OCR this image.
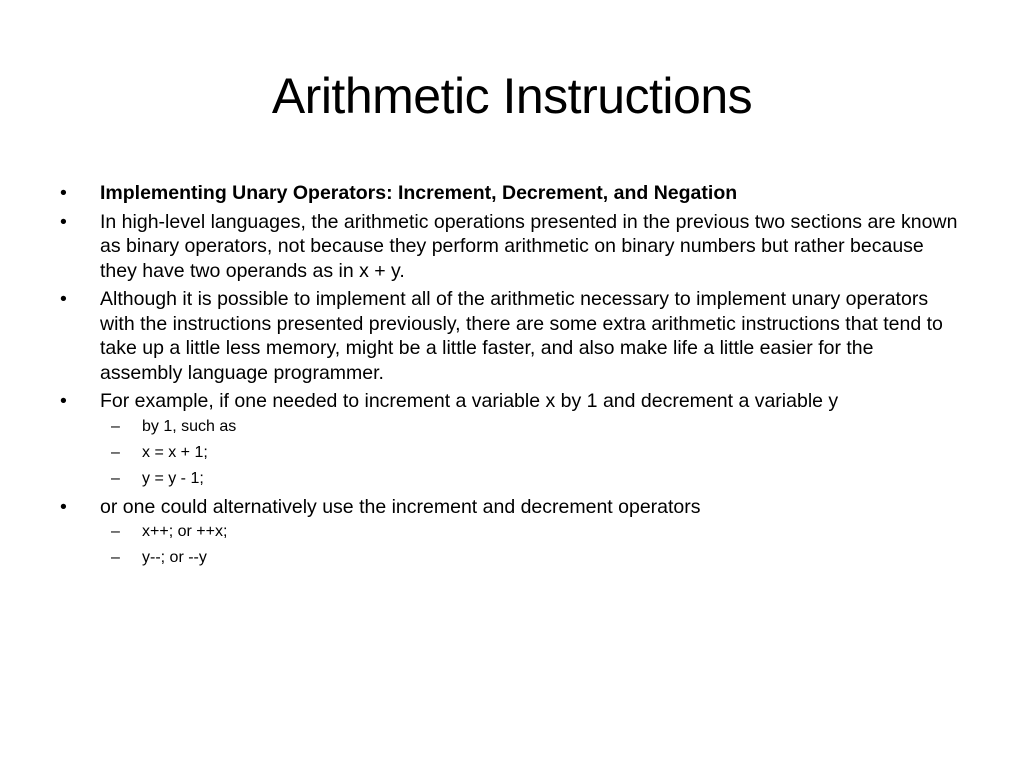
Arithmetic Instructions
•	Implementing Unary Operators: Increment, Decrement, and Negation
•	In high-level languages, the arithmetic operations presented in the previous two sections are known as binary operators, not because they perform arithmetic on binary numbers but rather because they have two operands as in x + y.
•	Although it is possible to implement all of the arithmetic necessary to implement unary operators with the instructions presented previously, there are some extra arithmetic instructions that tend to take up a little less memory, might be a little faster, and also make life a little easier for the assembly language programmer.
•	For example, if one needed to increment a variable x by 1 and decrement a variable y
–	by 1, such as
–	x = x + 1;
–	y = y - 1;
•	or one could alternatively use the increment and decrement operators
–	x++; or ++x;
–	y--; or --y
